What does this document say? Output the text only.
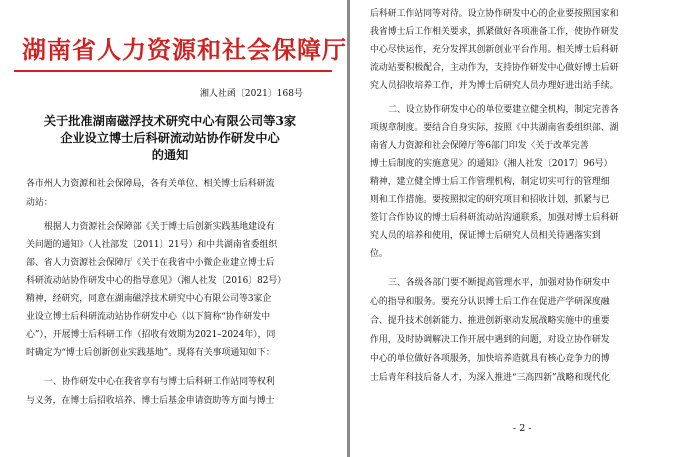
湖南省人力资源和社会保障厅
湘人社函〔2021〕168号
关于批准湖南磁浮技术研究中心有限公司等3家
企业设立博士后科研流动站协作研发中心
的通知
各市州人力资源和社会保障局，各有关单位、相关博士后科研流
动站：
根据人力资源社会保障部《关于博士后创新实践基地建设有
关问题的通知》（人社部发〔2011〕21号）和中共湖南省委组织
部、省人力资源社会保障厅《关于在我省中小微企业建立博士后
科研流动站协作研发中心的指导意见》（湘人社发〔2016〕82号）
精神，经研究，同意在湖南磁浮技术研究中心有限公司等3家企
业设立博士后科研流动站协作研发中心（以下简称“协作研发中
心”），开展博士后科研工作（招收有效期为2021–2024年），同
时确定为“博士后创新创业实践基地”。现将有关事项通知如下：
一、协作研发中心在我省享有与博士后科研工作站同等权利
与义务，在博士后招收培养、博士后基金申请资助等方面与博士
后科研工作站同等对待。设立协作研发中心的企业要按照国家和
我省博士后工作相关要求，抓紧做好各项准备工作，使协作研发
中心尽快运作，充分发挥其创新创业平台作用。相关博士后科研
流动站要积极配合，主动作为，支持协作研发中心做好博士后研
究人员招收培养工作，并为博士后研究人员办理好进出站手续。
二、设立协作研发中心的单位要建立健全机构，制定完善各
项规章制度。要结合自身实际，按照《中共湖南省委组织部、湖
南省人力资源和社会保障厅等6部门印发〈关于改革完善
博士后制度的实施意见〉的通知》（湘人社发〔2017〕96号）
精神，建立健全博士后工作管理机构，制定切实可行的管理细
则和工作措施。要按照拟定的研究项目和招收计划，抓紧与已
签订合作协议的博士后科研流动站沟通联系，加强对博士后科研
究人员的培养和使用，保证博士后研究人员相关待遇落实到
位。
三、各级各部门要不断提高管理水平，加强对协作研发中
心的指导和服务。要充分认识博士后工作在促进产学研深度融
合、提升技术创新能力、推进创新驱动发展战略实施中的重要
作用，及时协调解决工作开展中遇到的问题，对设立协作研发
中心的单位做好各项服务，加快培养造就具有核心竞争力的博
士后青年科技后备人才，为深入推进“三高四新”战略和现代化
- 2 -
